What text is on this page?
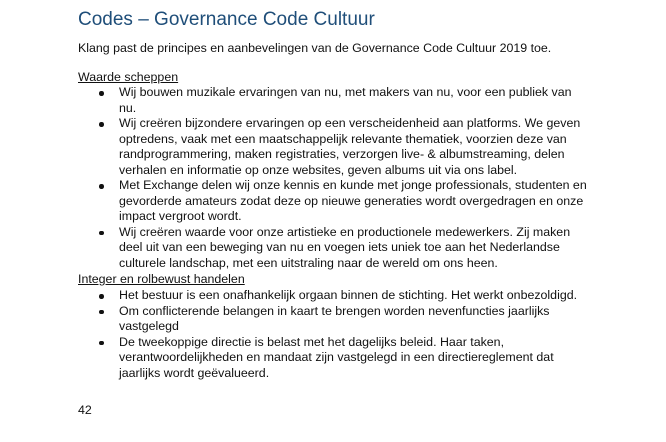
Codes – Governance Code Cultuur

Klang past de principes en aanbevelingen van de Governance Code Cultuur 2019 toe.

Waarde scheppen

Wij bouwen muzikale ervaringen van nu, met makers van nu, voor een publiek van nu.
Wij creëren bijzondere ervaringen op een verscheidenheid aan platforms. We geven optredens, vaak met een maatschappelijk relevante thematiek, voorzien deze van randprogrammering, maken registraties, verzorgen live- & albumstreaming, delen verhalen en informatie op onze websites, geven albums uit via ons label.
Met Exchange delen wij onze kennis en kunde met jonge professionals, studenten en gevorderde amateurs zodat deze op nieuwe generaties wordt overgedragen en onze impact vergroot wordt.
Wij creëren waarde voor onze artistieke en productionele medewerkers. Zij maken deel uit van een beweging van nu en voegen iets uniek toe aan het Nederlandse culturele landschap, met een uitstraling naar de wereld om ons heen.

Integer en rolbewust handelen

Het bestuur is een onafhankelijk orgaan binnen de stichting. Het werkt onbezoldigd.
Om conflicterende belangen in kaart te brengen worden nevenfuncties jaarlijks vastgelegd
De tweekoppige directie is belast met het dagelijks beleid. Haar taken, verantwoordelijkheden en mandaat zijn vastgelegd in een directiereglement dat jaarlijks wordt geëvalueerd.
42
